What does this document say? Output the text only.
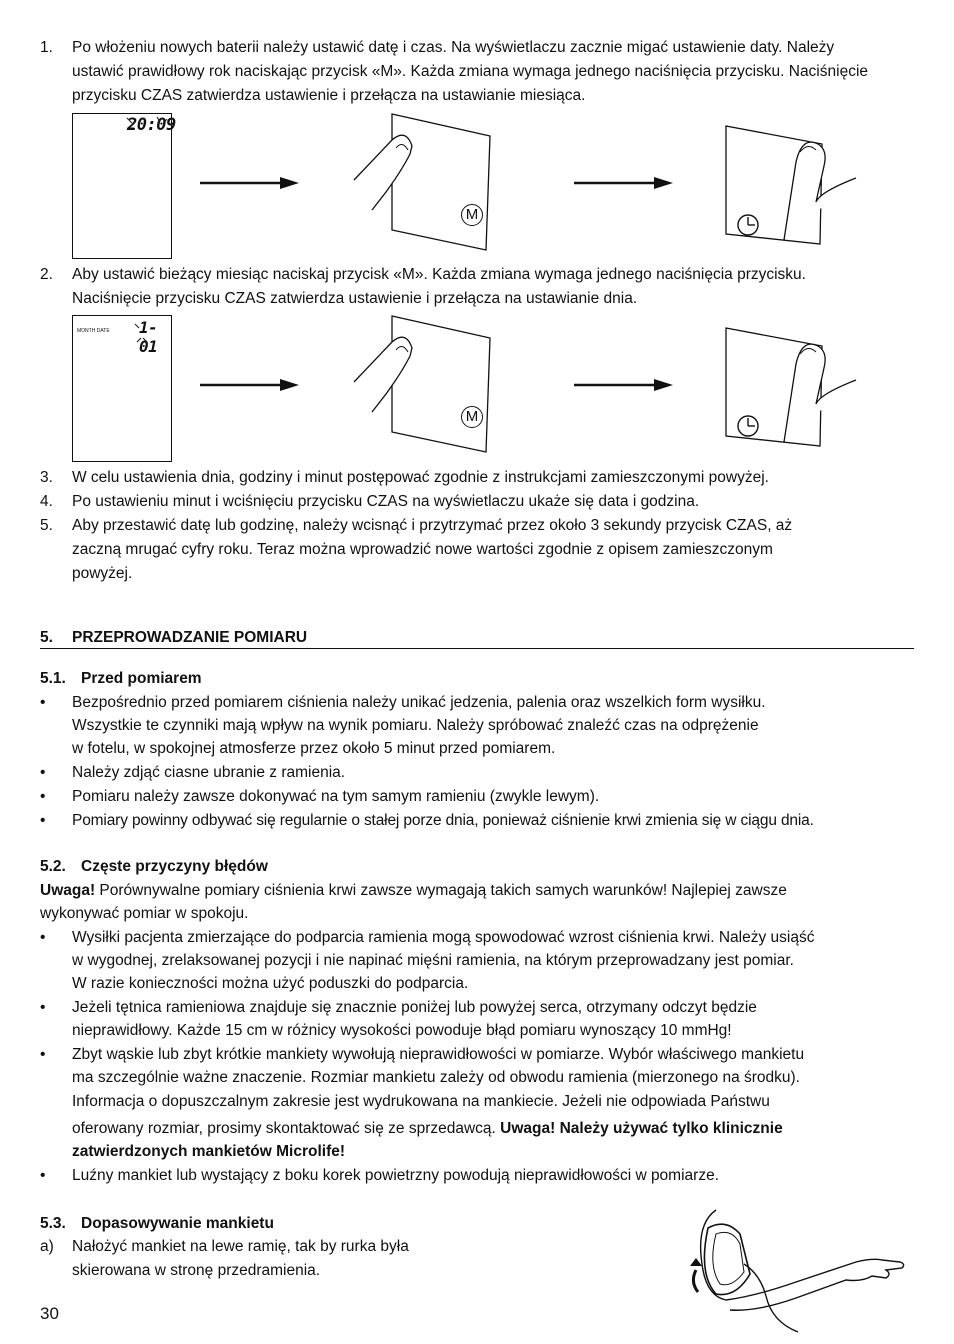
1. Po włożeniu nowych baterii należy ustawić datę i czas. Na wyświetlaczu zacznie migać ustawienie daty. Należy
ustawić prawidłowy rok naciskając przycisk «M». Każda zmiana wymaga jednego naciśnięcia przycisku. Naciśnięcie
przycisku CZAS zatwierdza ustawienie i przełącza na ustawianie miesiąca.
20:09
M
2. Aby ustawić bieżący miesiąc naciskaj przycisk «M». Każda zmiana wymaga jednego naciśnięcia przycisku.
Naciśnięcie przycisku CZAS zatwierdza ustawienie i przełącza na ustawianie dnia.
MONTH DATE 1-01
M
3. W celu ustawienia dnia, godziny i minut postępować zgodnie z instrukcjami zamieszczonymi powyżej.
4. Po ustawieniu minut i wciśnięciu przycisku CZAS na wyświetlaczu ukaże się data i godzina.
5. Aby przestawić datę lub godzinę, należy wcisnąć i przytrzymać przez około 3 sekundy przycisk CZAS, aż
zaczną mrugać cyfry roku. Teraz można wprowadzić nowe wartości zgodnie z opisem zamieszczonym
powyżej.
5. PRZEPROWADZANIE POMIARU
5.1. Przed pomiarem
• Bezpośrednio przed pomiarem ciśnienia należy unikać jedzenia, palenia oraz wszelkich form wysiłku.
Wszystkie te czynniki mają wpływ na wynik pomiaru. Należy spróbować znaleźć czas na odprężenie
w fotelu, w spokojnej atmosferze przez około 5 minut przed pomiarem.
• Należy zdjąć ciasne ubranie z ramienia.
• Pomiaru należy zawsze dokonywać na tym samym ramieniu (zwykle lewym).
• Pomiary powinny odbywać się regularnie o stałej porze dnia, ponieważ ciśnienie krwi zmienia się w ciągu dnia.
5.2. Częste przyczyny błędów
Uwaga! Porównywalne pomiary ciśnienia krwi zawsze wymagają takich samych warunków! Najlepiej zawsze
wykonywać pomiar w spokoju.
• Wysiłki pacjenta zmierzające do podparcia ramienia mogą spowodować wzrost ciśnienia krwi. Należy usiąść
w wygodnej, zrelaksowanej pozycji i nie napinać mięśni ramienia, na którym przeprowadzany jest pomiar.
W razie konieczności można użyć poduszki do podparcia.
• Jeżeli tętnica ramieniowa znajduje się znacznie poniżej lub powyżej serca, otrzymany odczyt będzie
nieprawidłowy. Każde 15 cm w różnicy wysokości powoduje błąd pomiaru wynoszący 10 mmHg!
• Zbyt wąskie lub zbyt krótkie mankiety wywołują nieprawidłowości w pomiarze. Wybór właściwego mankietu
ma szczególnie ważne znaczenie. Rozmiar mankietu zależy od obwodu ramienia (mierzonego na środku).
Informacja o dopuszczalnym zakresie jest wydrukowana na mankiecie. Jeżeli nie odpowiada Państwu
oferowany rozmiar, prosimy skontaktować się ze sprzedawcą. Uwaga! Należy używać tylko klinicznie
zatwierdzonych mankietów Microlife!
• Luźny mankiet lub wystający z boku korek powietrzny powodują nieprawidłowości w pomiarze.
5.3. Dopasowywanie mankietu
a) Nałożyć mankiet na lewe ramię, tak by rurka była
skierowana w stronę przedramienia.
30
